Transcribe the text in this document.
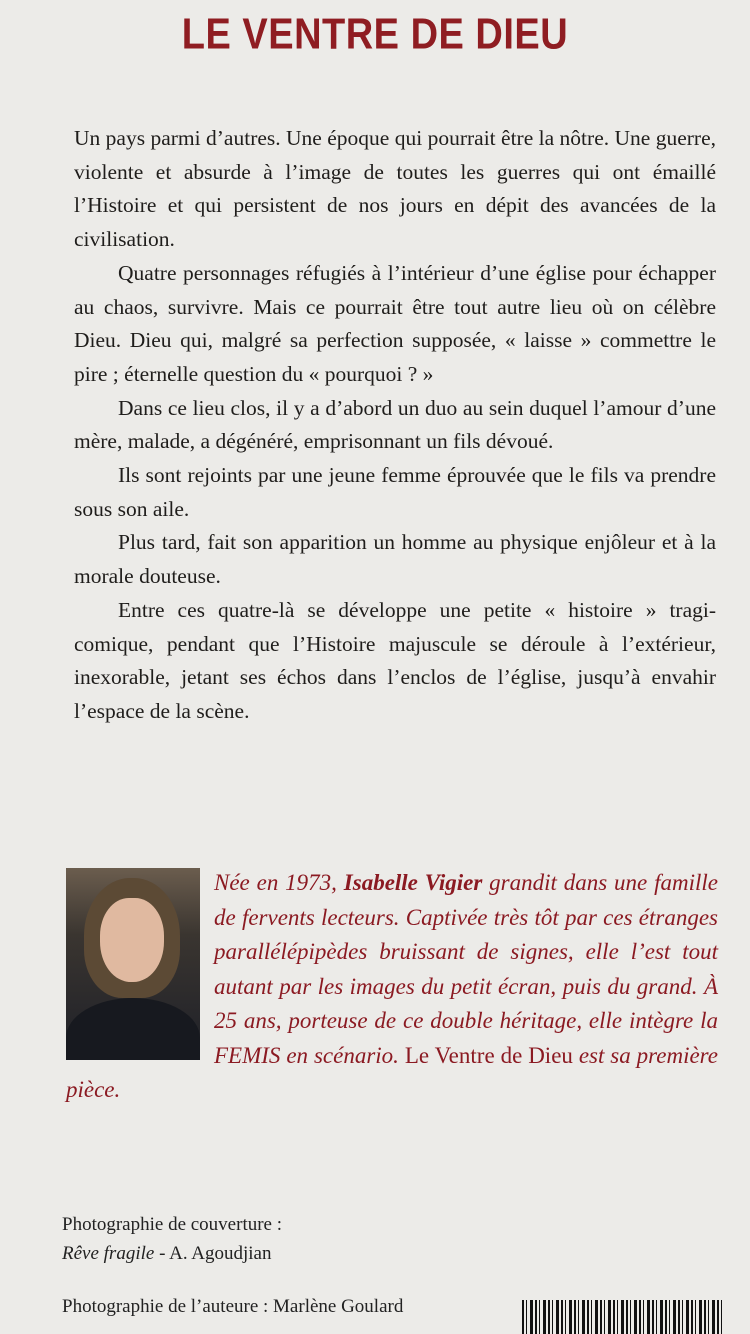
LE VENTRE DE DIEU

Un pays parmi d’autres. Une époque qui pourrait être la nôtre. Une guerre, violente et absurde à l’image de toutes les guerres qui ont émaillé l’Histoire et qui persistent de nos jours en dépit des avancées de la civilisation.

Quatre personnages réfugiés à l’intérieur d’une église pour échapper au chaos, survivre. Mais ce pourrait être tout autre lieu où on célèbre Dieu. Dieu qui, malgré sa perfection supposée, « laisse » commettre le pire ; éternelle question du « pourquoi ? »

Dans ce lieu clos, il y a d’abord un duo au sein duquel l’amour d’une mère, malade, a dégénéré, emprisonnant un fils dévoué.

Ils sont rejoints par une jeune femme éprouvée que le fils va prendre sous son aile.

Plus tard, fait son apparition un homme au physique enjôleur et à la morale douteuse.

Entre ces quatre-là se développe une petite « histoire » tragi-comique, pendant que l’Histoire majuscule se déroule à l’extérieur, inexorable, jetant ses échos dans l’enclos de l’église, jusqu’à envahir l’espace de la scène.

Née en 1973, Isabelle Vigier grandit dans une famille de fervents lecteurs. Captivée très tôt par ces étranges parallélépipèdes bruissant de signes, elle l’est tout autant par les images du petit écran, puis du grand. À 25 ans, porteuse de ce double héritage, elle intègre la FEMIS en scénario. Le Ventre de Dieu est sa première pièce.
Photographie de couverture :
Rêve fragile - A. Agoudjian
Photographie de l’auteure : Marlène Goulard
